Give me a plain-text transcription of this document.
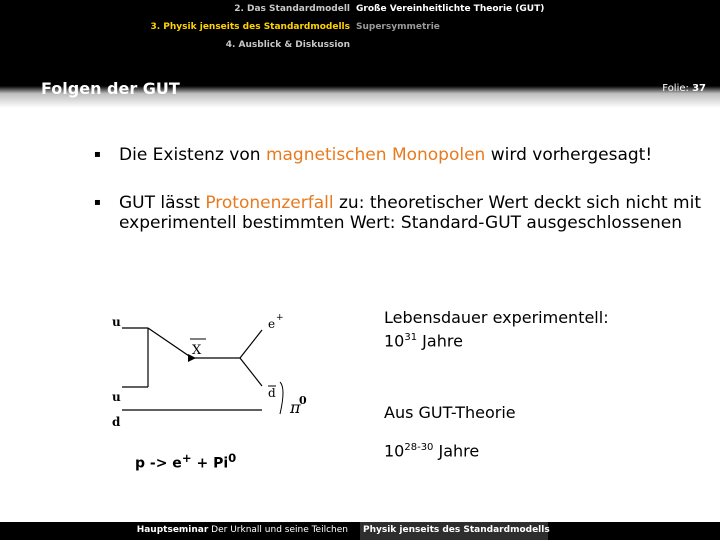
2. Das Standardmodell
3. Physik jenseits des Standardmodells
4. Ausblick & Diskussion
Große Vereinheitlichte Theorie (GUT)
Supersymmetrie
Folgen der GUT	Folie: 37
▪	Die Existenz von magnetischen Monopolen wird vorhergesagt!
▪	GUT lässt Protonenzerfall zu: theoretischer Wert deckt sich nicht mit experimentell bestimmten Wert: Standard-GUT ausgeschlossenen
u
u
d
X
e +
d
π
0
$p -> e^+ + Pi^0$
Lebensdauer experimentell:
$10^{31}$ Jahre
Aus GUT-Theorie
10$^{28-30}$ Jahre
Hauptseminar Der Urknall und seine Teilchen Physik jenseits des Standardmodells
